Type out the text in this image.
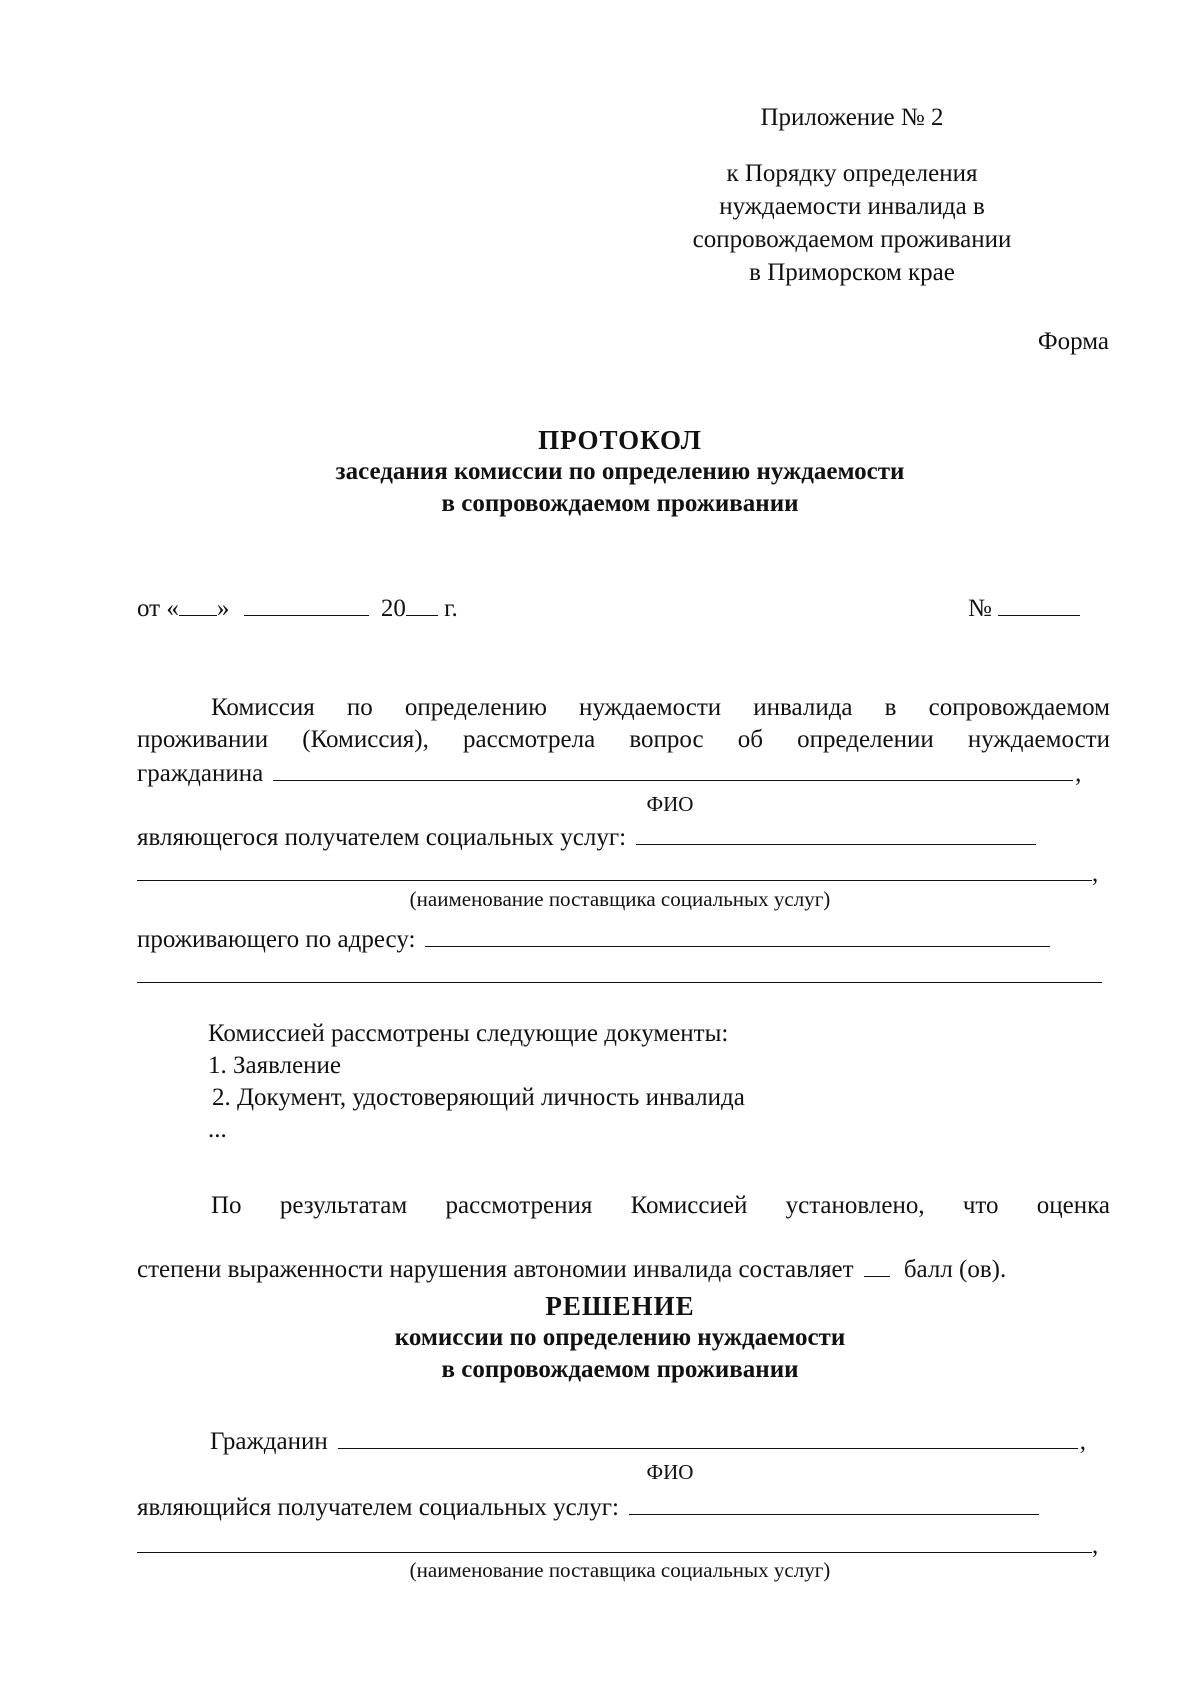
Приложение № 2
к Порядку определения
нуждаемости инвалида в
сопровождаемом проживании
в Приморском крае
Форма
ПРОТОКОЛ
заседания комиссии по определению нуждаемости
в сопровождаемом проживании
от « »	20 г.	№
Комиссия по определению нуждаемости инвалида в сопровождаемом
проживании (Комиссия), рассмотрела вопрос об определении нуждаемости
гражданина	,
ФИО
являющегося получателем социальных услуг:
,
(наименование поставщика социальных услуг)
проживающего по адресу:
Комиссией рассмотрены следующие документы:
1. Заявление
2. Документ, удостоверяющий личность инвалида
...
По результатам рассмотрения Комиссией установлено, что оценка
степени выраженности нарушения автономии инвалида составляет балл (ов).
РЕШЕНИЕ
комиссии по определению нуждаемости
в сопровождаемом проживании
Гражданин	,
ФИО
являющийся получателем социальных услуг:
,
(наименование поставщика социальных услуг)
